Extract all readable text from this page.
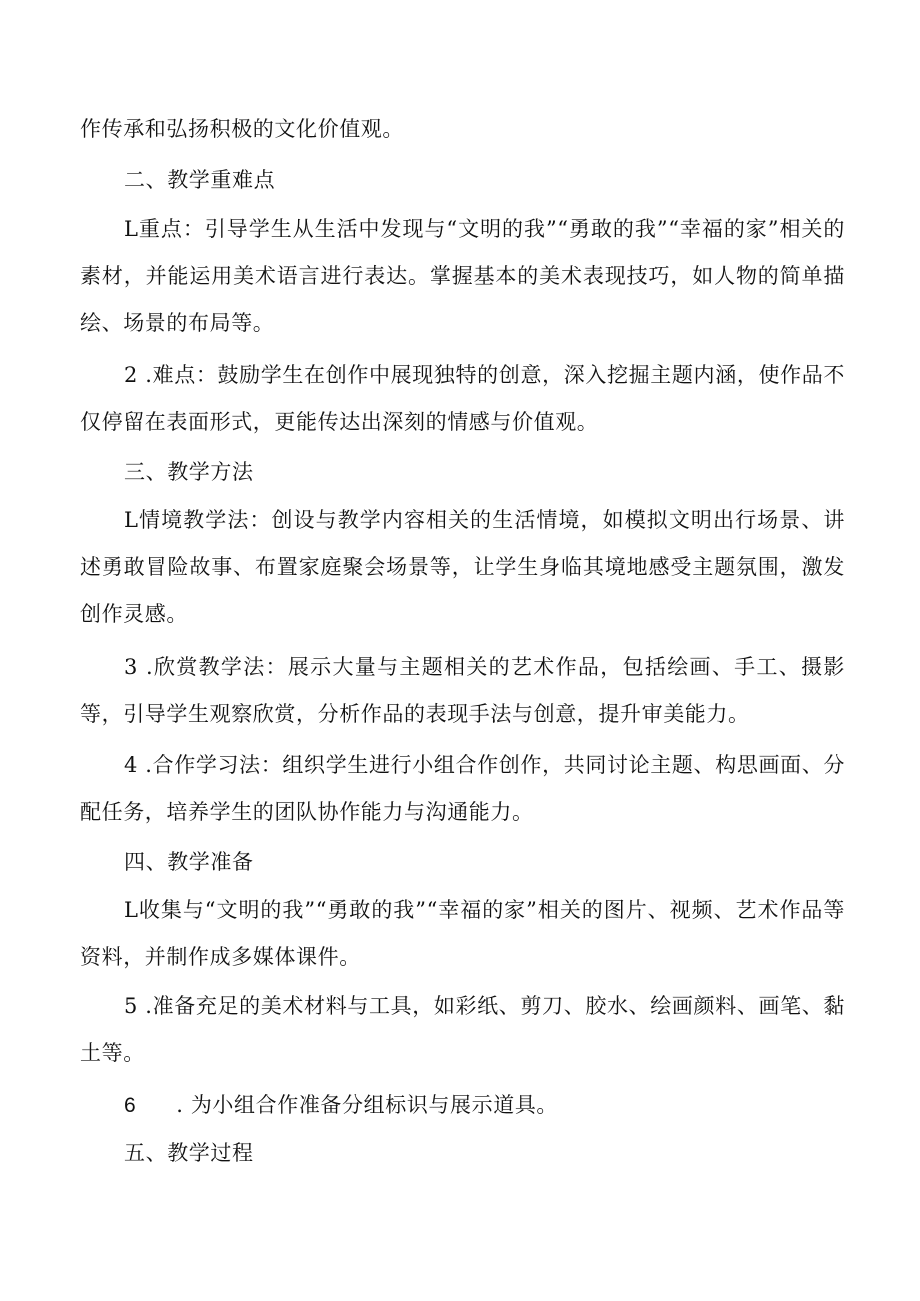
作传承和弘扬积极的文化价值观。

二、教学重难点

L重点：引导学生从生活中发现与“文明的我”“勇敢的我”“幸福的家”相关的素材，并能运用美术语言进行表达。掌握基本的美术表现技巧，如人物的简单描绘、场景的布局等。

2 .难点：鼓励学生在创作中展现独特的创意，深入挖掘主题内涵，使作品不仅停留在表面形式，更能传达出深刻的情感与价值观。

三、教学方法

L情境教学法：创设与教学内容相关的生活情境，如模拟文明出行场景、讲述勇敢冒险故事、布置家庭聚会场景等，让学生身临其境地感受主题氛围，激发创作灵感。

3 .欣赏教学法：展示大量与主题相关的艺术作品，包括绘画、手工、摄影等，引导学生观察欣赏，分析作品的表现手法与创意，提升审美能力。

4 .合作学习法：组织学生进行小组合作创作，共同讨论主题、构思画面、分配任务，培养学生的团队协作能力与沟通能力。

四、教学准备

L收集与“文明的我”“勇敢的我”“幸福的家”相关的图片、视频、艺术作品等资料，并制作成多媒体课件。

5 .准备充足的美术材料与工具，如彩纸、剪刀、胶水、绘画颜料、画笔、黏土等。

6 . 为小组合作准备分组标识与展示道具。

五、教学过程
